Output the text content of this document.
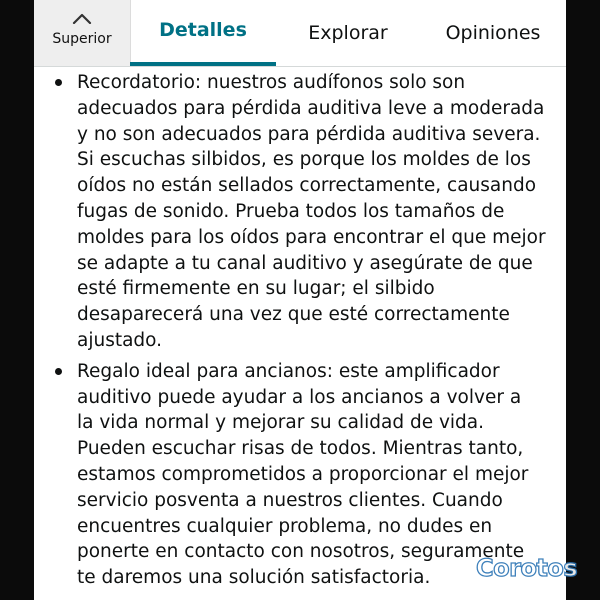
Superior	Detalles	Explorar	Opiniones
Recordatorio: nuestros audífonos solo son adecuados para pérdida auditiva leve a moderada y no son adecuados para pérdida auditiva severa. Si escuchas silbidos, es porque los moldes de los oídos no están sellados correctamente, causando fugas de sonido. Prueba todos los tamaños de moldes para los oídos para encontrar el que mejor se adapte a tu canal auditivo y asegúrate de que esté firmemente en su lugar; el silbido desaparecerá una vez que esté correctamente ajustado.
Regalo ideal para ancianos: este amplificador auditivo puede ayudar a los ancianos a volver a la vida normal y mejorar su calidad de vida. Pueden escuchar risas de todos. Mientras tanto, estamos comprometidos a proporcionar el mejor servicio posventa a nuestros clientes. Cuando encuentres cualquier problema, no dudes en ponerte en contacto con nosotros, seguramente te daremos una solución satisfactoria.	Corotos
